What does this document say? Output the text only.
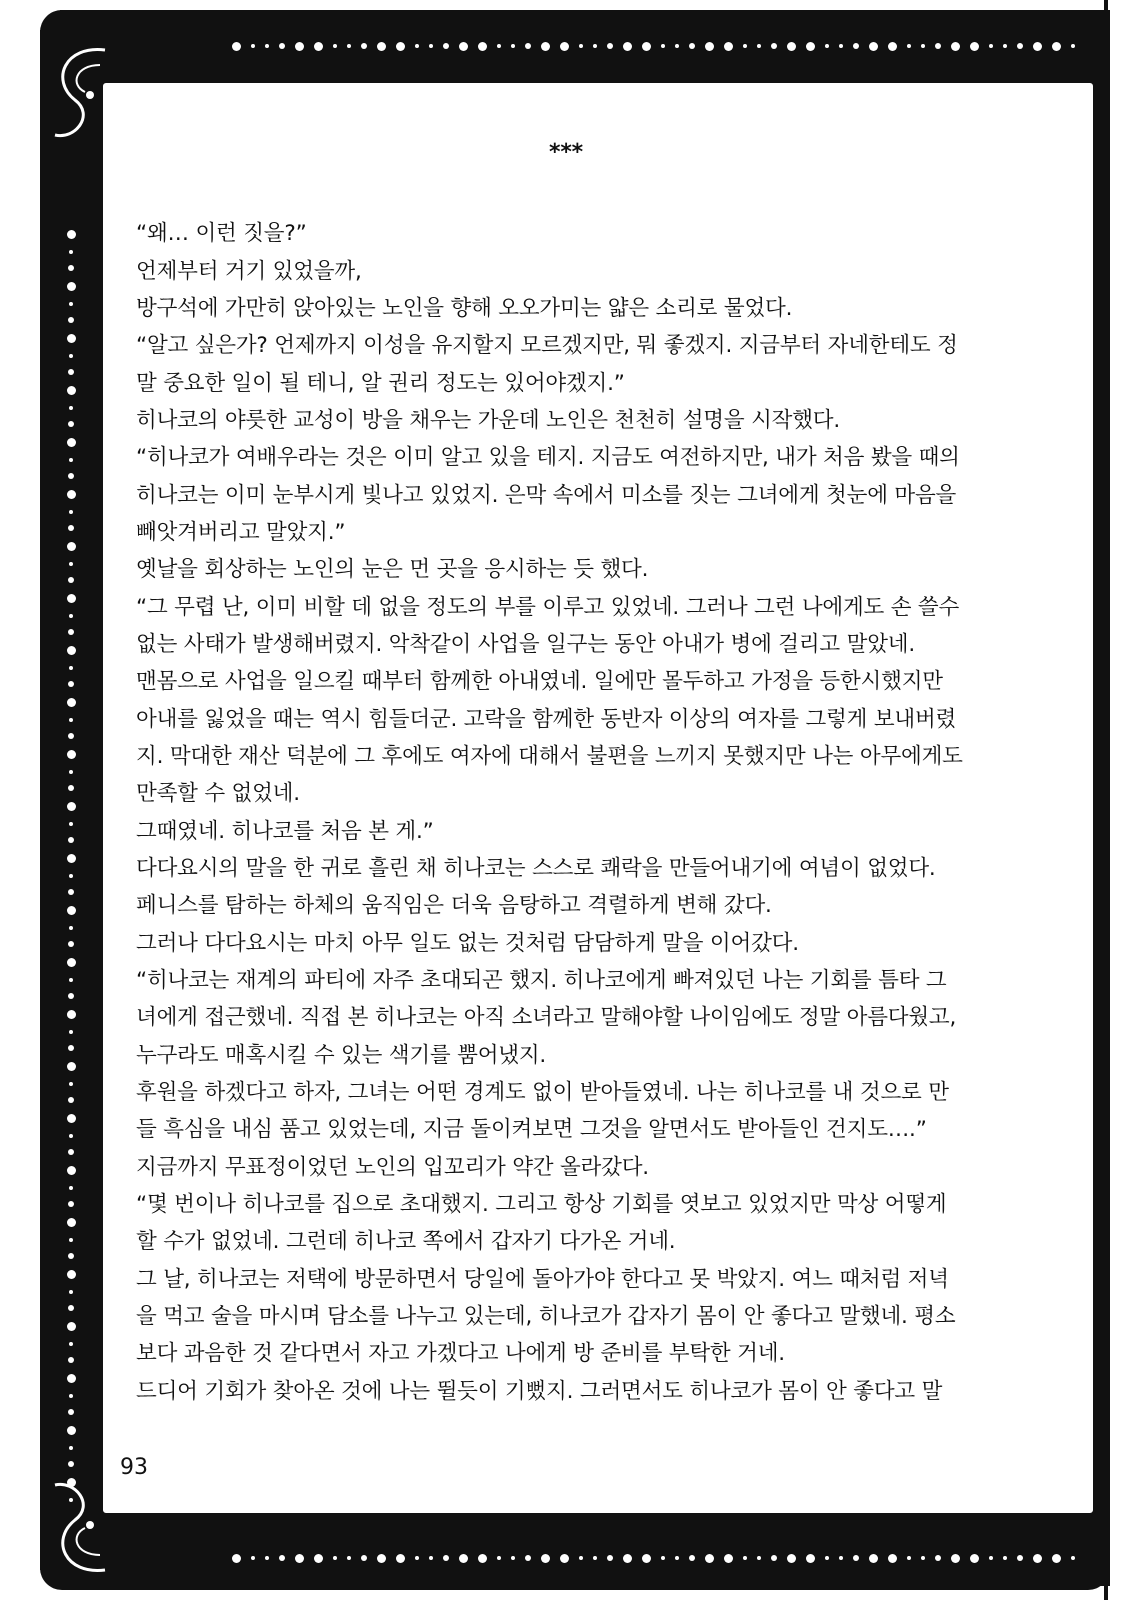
***
“왜… 이런 짓을?”
언제부터 거기 있었을까,
방구석에 가만히 앉아있는 노인을 향해 오오가미는 얇은 소리로 물었다.
“알고 싶은가? 언제까지 이성을 유지할지 모르겠지만, 뭐 좋겠지. 지금부터 자네한테도 정
말 중요한 일이 될 테니, 알 권리 정도는 있어야겠지.”
히나코의 야릇한 교성이 방을 채우는 가운데 노인은 천천히 설명을 시작했다.
“히나코가 여배우라는 것은 이미 알고 있을 테지. 지금도 여전하지만, 내가 처음 봤을 때의
히나코는 이미 눈부시게 빛나고 있었지. 은막 속에서 미소를 짓는 그녀에게 첫눈에 마음을
빼앗겨버리고 말았지.”
옛날을 회상하는 노인의 눈은 먼 곳을 응시하는 듯 했다.
“그 무렵 난, 이미 비할 데 없을 정도의 부를 이루고 있었네. 그러나 그런 나에게도 손 쓸수
없는 사태가 발생해버렸지. 악착같이 사업을 일구는 동안 아내가 병에 걸리고 말았네.
맨몸으로 사업을 일으킬 때부터 함께한 아내였네. 일에만 몰두하고 가정을 등한시했지만
아내를 잃었을 때는 역시 힘들더군. 고락을 함께한 동반자 이상의 여자를 그렇게 보내버렸
지. 막대한 재산 덕분에 그 후에도 여자에 대해서 불편을 느끼지 못했지만 나는 아무에게도
만족할 수 없었네.
그때였네. 히나코를 처음 본 게.”
다다요시의 말을 한 귀로 흘린 채 히나코는 스스로 쾌락을 만들어내기에 여념이 없었다.
페니스를 탐하는 하체의 움직임은 더욱 음탕하고 격렬하게 변해 갔다.
그러나 다다요시는 마치 아무 일도 없는 것처럼 담담하게 말을 이어갔다.
“히나코는 재계의 파티에 자주 초대되곤 했지. 히나코에게 빠져있던 나는 기회를 틈타 그
녀에게 접근했네. 직접 본 히나코는 아직 소녀라고 말해야할 나이임에도 정말 아름다웠고,
누구라도 매혹시킬 수 있는 색기를 뿜어냈지.
후원을 하겠다고 하자, 그녀는 어떤 경계도 없이 받아들였네. 나는 히나코를 내 것으로 만
들 흑심을 내심 품고 있었는데, 지금 돌이켜보면 그것을 알면서도 받아들인 건지도….”
지금까지 무표정이었던 노인의 입꼬리가 약간 올라갔다.
“몇 번이나 히나코를 집으로 초대했지. 그리고 항상 기회를 엿보고 있었지만 막상 어떻게
할 수가 없었네. 그런데 히나코 쪽에서 갑자기 다가온 거네.
그 날, 히나코는 저택에 방문하면서 당일에 돌아가야 한다고 못 박았지. 여느 때처럼 저녁
을 먹고 술을 마시며 담소를 나누고 있는데, 히나코가 갑자기 몸이 안 좋다고 말했네. 평소
보다 과음한 것 같다면서 자고 가겠다고 나에게 방 준비를 부탁한 거네.
드디어 기회가 찾아온 것에 나는 뛸듯이 기뻤지. 그러면서도 히나코가 몸이 안 좋다고 말
93
